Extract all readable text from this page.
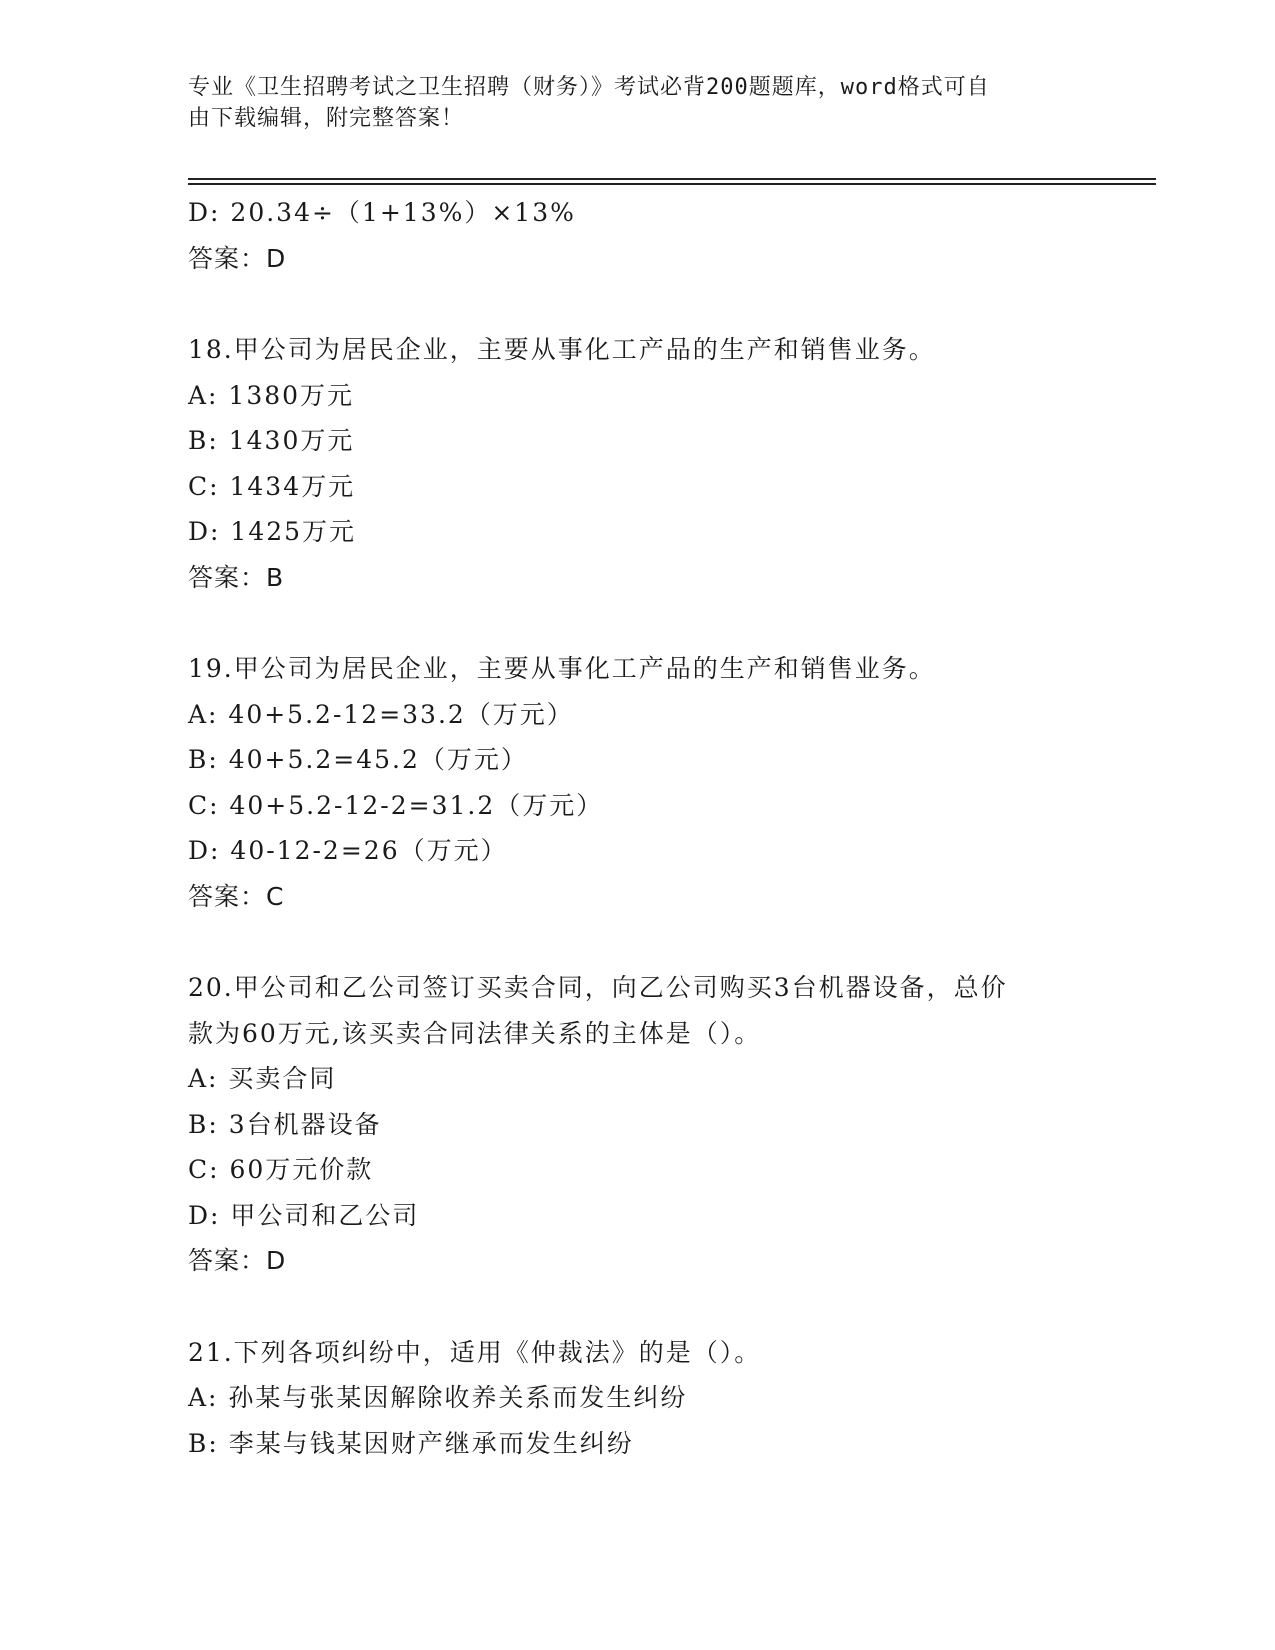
专业《卫生招聘考试之卫生招聘（财务）》考试必背200题题库，word格式可自
由下载编辑，附完整答案！
D: 20.34÷（1+13%）×13%
答案：D
18.甲公司为居民企业，主要从事化工产品的生产和销售业务。
A: 1380万元
B: 1430万元
C: 1434万元
D: 1425万元
答案：B
19.甲公司为居民企业，主要从事化工产品的生产和销售业务。
A: 40+5.2-12=33.2（万元）
B: 40+5.2=45.2（万元）
C: 40+5.2-12-2=31.2（万元）
D: 40-12-2=26（万元）
答案：C
20.甲公司和乙公司签订买卖合同，向乙公司购买3台机器设备，总价
款为60万元,该买卖合同法律关系的主体是（）。
A: 买卖合同
B: 3台机器设备
C: 60万元价款
D: 甲公司和乙公司
答案：D
21.下列各项纠纷中，适用《仲裁法》的是（）。
A: 孙某与张某因解除收养关系而发生纠纷
B: 李某与钱某因财产继承而发生纠纷
